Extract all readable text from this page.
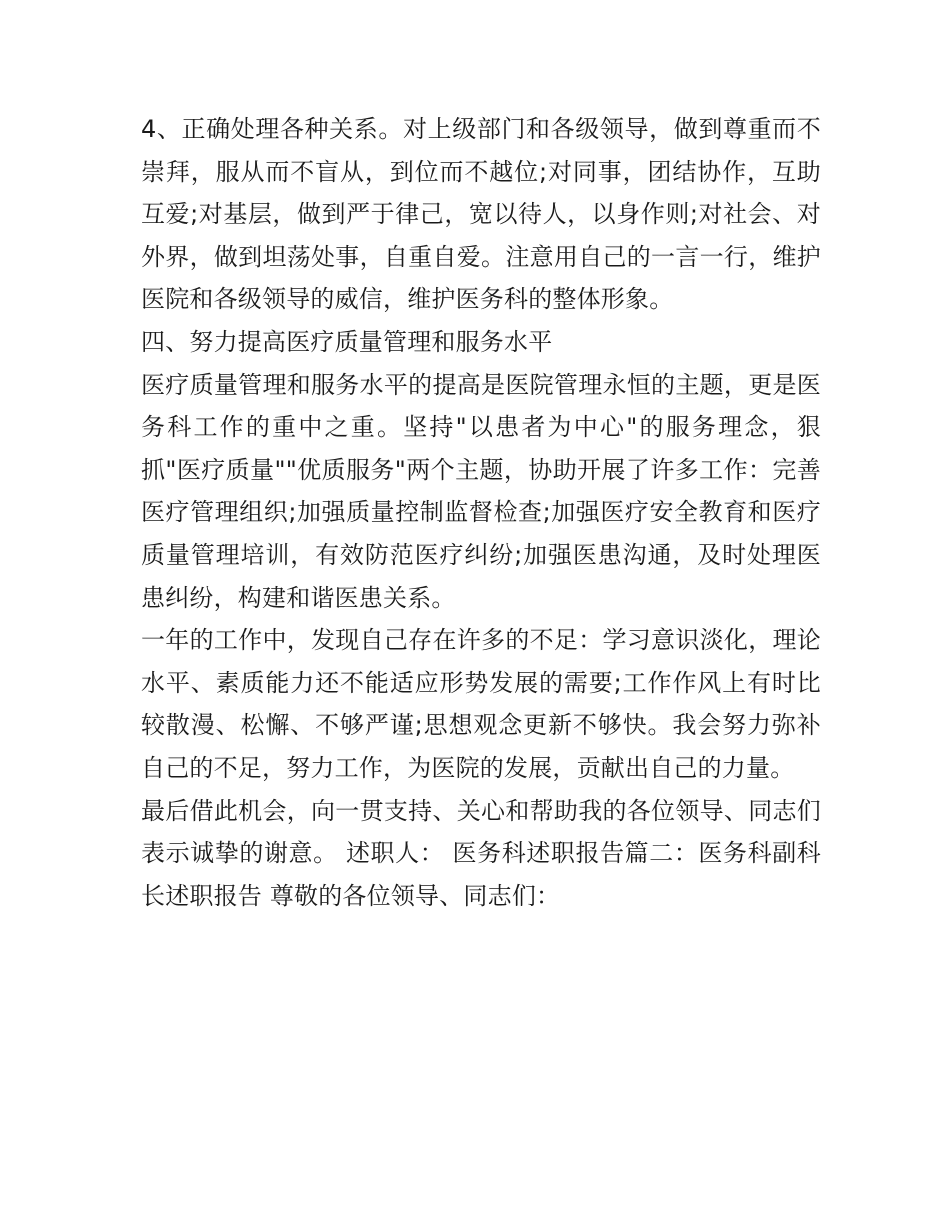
4、正确处理各种关系。对上级部门和各级领导，做到尊重而不崇拜，服从而不盲从，到位而不越位;对同事，团结协作，互助互爱;对基层，做到严于律己，宽以待人，以身作则;对社会、对外界，做到坦荡处事，自重自爱。注意用自己的一言一行，维护医院和各级领导的威信，维护医务科的整体形象。

四、努力提高医疗质量管理和服务水平

医疗质量管理和服务水平的提高是医院管理永恒的主题，更是医务科工作的重中之重。坚持"以患者为中心"的服务理念，狠抓"医疗质量""优质服务"两个主题，协助开展了许多工作：完善医疗管理组织;加强质量控制监督检查;加强医疗安全教育和医疗质量管理培训，有效防范医疗纠纷;加强医患沟通，及时处理医患纠纷，构建和谐医患关系。

一年的工作中，发现自己存在许多的不足：学习意识淡化，理论水平、素质能力还不能适应形势发展的需要;工作作风上有时比较散漫、松懈、不够严谨;思想观念更新不够快。我会努力弥补自己的不足，努力工作，为医院的发展，贡献出自己的力量。

最后借此机会，向一贯支持、关心和帮助我的各位领导、同志们表示诚挚的谢意。 述职人： 医务科述职报告篇二：医务科副科长述职报告 尊敬的各位领导、同志们：
